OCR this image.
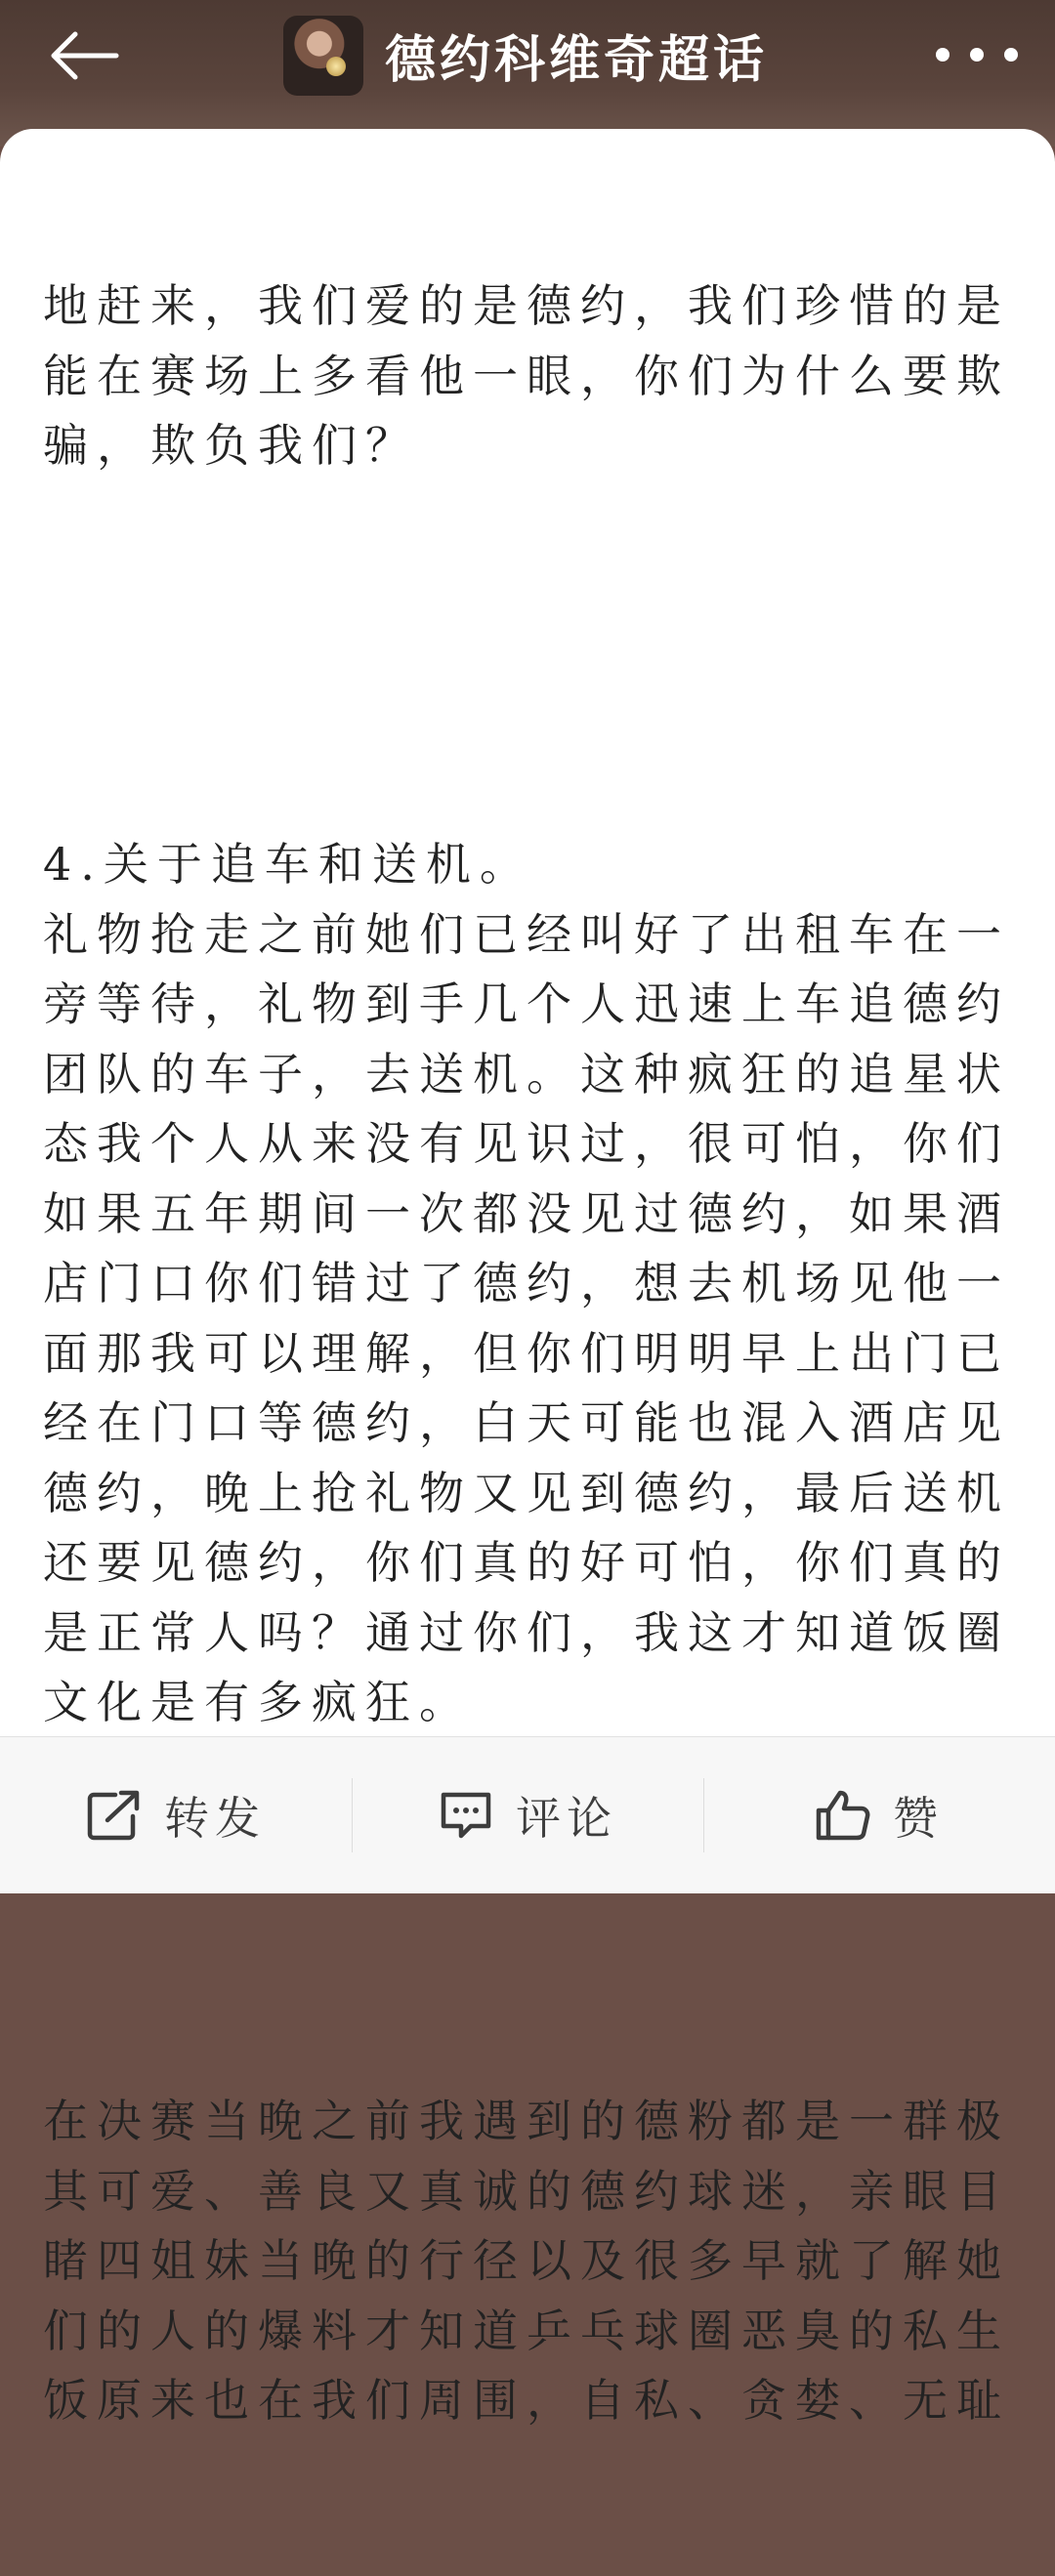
德约科维奇超话

地赶来，我们爱的是德约，我们珍惜的是能在赛场上多看他一眼，你们为什么要欺骗，欺负我们？

4.关于追车和送机。
礼物抢走之前她们已经叫好了出租车在一旁等待，礼物到手几个人迅速上车追德约团队的车子，去送机。这种疯狂的追星状态我个人从来没有见识过，很可怕，你们如果五年期间一次都没见过德约，如果酒店门口你们错过了德约，想去机场见他一面那我可以理解，但你们明明早上出门已经在门口等德约，白天可能也混入酒店见德约，晚上抢礼物又见到德约，最后送机还要见德约，你们真的好可怕，你们真的是正常人吗？通过你们，我这才知道饭圈文化是有多疯狂。

在决赛当晚之前我遇到的德粉都是一群极其可爱、善良又真诚的德约球迷，亲眼目睹四姐妹当晚的行径以及很多早就了解她们的人的爆料才知道乒乓球圈恶臭的私生饭原来也在我们周围，自私、贪婪、无耻

转发	评论	赞
